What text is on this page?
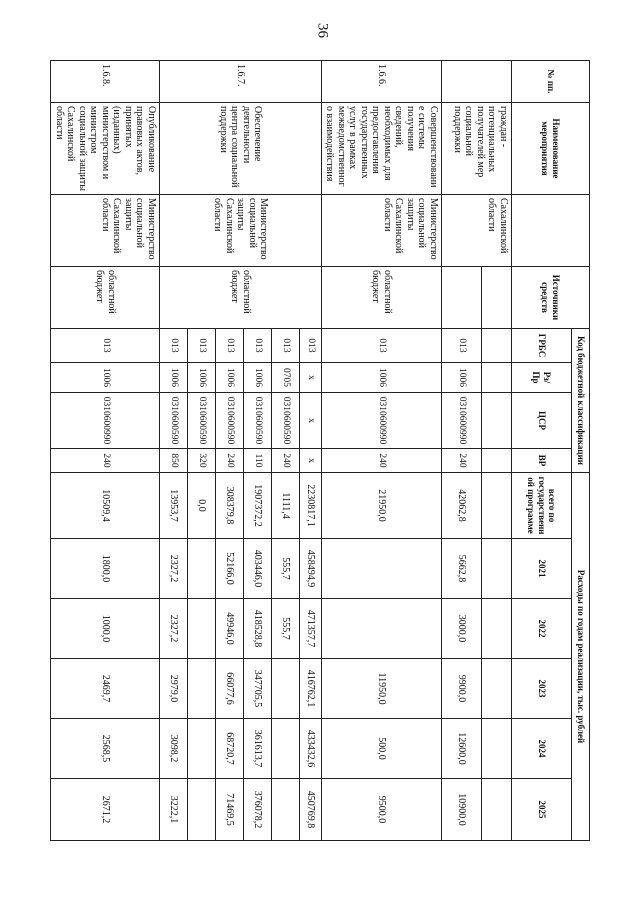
36
№ пп.	Наименование мероприятия		Источники средств	Код бюджетной классификации				Расходы по годам реализации, тыс. рублей					
				ГРБС	Рз/Пр	ЦСР	ВР	всего по государственной программе	2021	2022	2023	2024	2025
	граждан - потенциальных получателей мер социальной поддержки	Сахалинской области											
				013	1006	0310600990	240	42062,8	5662,8	3000,0	9900,0	12600,0	10900,0
1.6.6.	Совершенствование системы получения сведений, необходимых для предоставления государственных услуг в рамках межведомственного взаимодействия	Министерство социальной защиты Сахалинской области	областной бюджет	013	1006	0310600990	240	21950,0			11950,0	500,0	9500,0
1.6.7.	Обеспечение деятельности центра социальной поддержки	Министерство социальной защиты Сахалинской области	областной бюджет	013	х	х	х	2230817,1	458494,9	471357,7	416762,1	433432,6	450769,8
				013	0705	0310600590	240	1111,4	555,7	555,7			
				013	1006	0310600590	110	1907372,2	403446,0	418528,8	347705,5	361613,7	376078,2
				013	1006	0310600590	240	308379,8	52166,0	49946,0	66077,6	68720,7	71469,5
				013	1006	0310600590	320	0,0					
				013	1006	0310600590	850	13953,7	2327,2	2327,2	2979,0	3098,2	3222,1
1.6.8.	Опубликование правовых актов, принятых (изданных) министерством и министром социальной защиты Сахалинской области	Министерство социальной защиты Сахалинской области	областной бюджет	013	1006	0310600990	240	10509,4	1800,0	1000,0	2469,7	2568,5	2671,2
